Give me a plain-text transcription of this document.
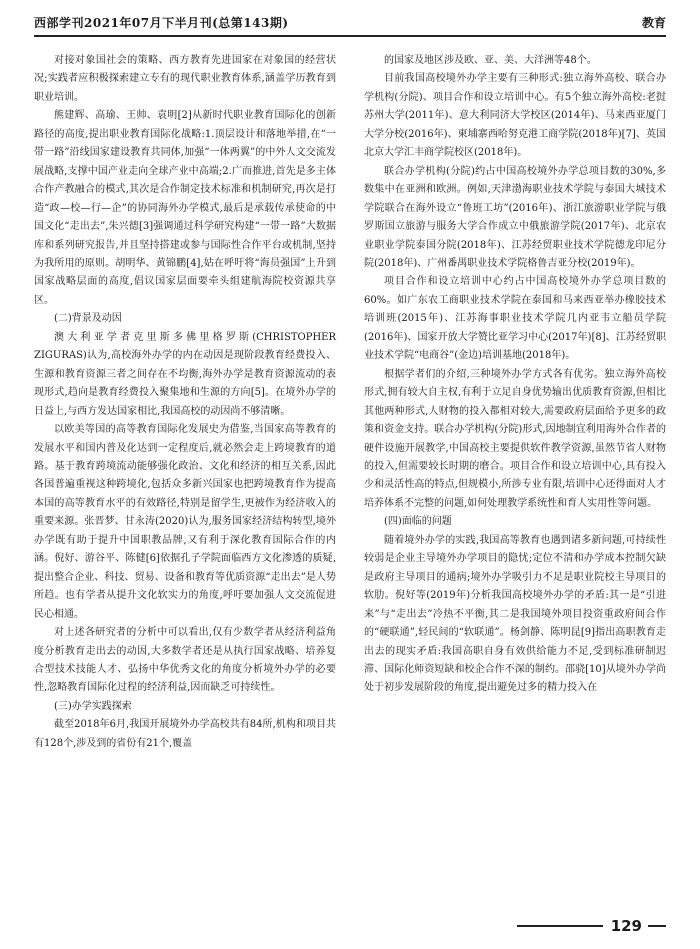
西部学刊2021年07月下半月刊(总第143期)	教育

对接对象国社会的策略、西方教育先进国家在对象国的经营状况;实践者应积极探索建立专有的现代职业教育体系,涵盖学历教育到职业培训。

熊建辉、高瑜、王帅、袁明[2]从新时代职业教育国际化的创新路径的高度,提出职业教育国际化战略:1.顶层设计和落地举措,在“一带一路”沿线国家建设教育共同体,加强“一体两翼”的中外人文交流发展战略,支撑中国产业走向全球产业中高端;2.广而推进,首先是多主体合作产教融合的模式,其次是合作制定技术标准和机制研究,再次是打造“政—校—行—企”的协同海外办学模式,最后是承载传承使命的中国文化“走出去”,朱兴德[3]强调通过科学研究构建“一带一路”大数据库和系列研究报告,并且坚持搭建或参与国际性合作平台或机制,坚持为我所用的原则。胡明华、黄锦鹏[4],姑在呼吁将“海员强国”上升到国家战略层面的高度,倡议国家层面要牵头组建航海院校资源共享区。

(二)背景及动因

澳大利亚学者克里斯多佛里格罗斯(CHRISTOPHER ZIGURAS)认为,高校海外办学的内在动因是现阶段教育经费投入、生源和教育资源三者之间存在不均衡,海外办学是教育资源流动的表现形式,趋向是教育经费投入聚集地和生源的方向[5]。在境外办学的日益上,与西方发达国家相比,我国高校的动因尚不够清晰。

以欧美等国的高等教育国际化发展史为借鉴,当国家高等教育的发展水平和国内普及化达到一定程度后,就必然会走上跨境教育的道路。基于教育跨境流动能够强化政治、文化和经济的相互关系,因此各国普遍重视这种跨境化,包括众多新兴国家也把跨境教育作为提高本国的高等教育水平的有效路径,特别是留学生,更被作为经济收入的重要来源。张晋梦、甘永涛(2020)认为,服务国家经济结构转型,境外办学既有助于提升中国职教品牌,又有利于深化教育国际合作的内涵。倪好、游谷平、陈健[6]依据孔子学院面临西方文化渗透的质疑,提出整合企业、科技、贸易、设备和教育等优质资源“走出去”是人势所趋。也有学者从提升文化软实力的角度,呼吁要加强人文交流促进民心相通。

对上述各研究者的分析中可以看出,仅有少数学者从经济利益角度分析教育走出去的动因,大多数学者还是从执行国家战略、培养复合型技术技能人才、弘扬中华优秀文化的角度分析境外办学的必要性,忽略教育国际化过程的经济利益,因而缺乏可持续性。

(三)办学实践探索

截至2018年6月,我国开展境外办学高校共有84所,机构和项目共有128个,涉及到的省份有21个,覆盖

的国家及地区涉及欧、亚、美、大洋洲等48个。

目前我国高校境外办学主要有三种形式:独立海外高校、联合办学机构(分院)、项目合作和设立培训中心。有5个独立海外高校:老挝苏州大学(2011年)、意大利同济大学校区(2014年)、马来西亚厦门大学分校(2016年)、柬埔寨西哈努克港工商学院(2018年)[7]、英国北京大学汇丰商学院校区(2018年)。

联合办学机构(分院)约占中国高校境外办学总项目数的30%,多数集中在亚洲和欧洲。例如,天津渤海职业技术学院与泰国大城技术学院联合在海外设立“鲁班工坊”(2016年)、浙江旅游职业学院与俄罗斯国立旅游与服务大学合作成立中俄旅游学院(2017年)、北京农业职业学院泰国分院(2018年)、江苏经贸职业技术学院德龙印尼分院(2018年)、广州番禺职业技术学院格鲁吉亚分校(2019年)。

项目合作和设立培训中心约占中国高校境外办学总项目数的60%。如广东农工商职业技术学院在泰国和马来西亚举办橡胶技术培训班(2015年)、江苏海事职业技术学院几内亚韦立船员学院(2016年)、国家开放大学赞比亚学习中心(2017年)[8]、江苏经贸职业技术学院“电商谷”(金边)培训基地(2018年)。

根据学者们的介绍,三种境外办学方式各有优劣。独立海外高校形式,拥有较大自主权,有利于立足自身优势输出优质教育资源,但相比其他两种形式,人财物的投入都相对较大,需要政府层面给予更多的政策和资金支持。联合办学机构(分院)形式,因地制宜利用海外合作者的硬件设施开展教学,中国高校主要提供软件教学资源,虽然节省人财物的投入,但需要较长时期的磨合。项目合作和设立培训中心,具有投入少和灵活性高的特点,但规模小,所涉专业有限,培训中心还得面对人才培养体系不完整的问题,如何处理教学系统性和育人实用性等问题。

(四)面临的问题

随着境外办学的实践,我国高等教育也遇到诸多新问题,可持续性较弱是企业主导境外办学项目的隐忧;定位不清和办学成本控制欠缺是政府主导项目的通病;境外办学吸引力不足是职业院校主导项目的软肋。倪好等(2019年)分析我国高校境外办学的矛盾:其一是“引进来”与“走出去”冷热不平衡,其二是我国境外项目投资重政府间合作的“硬联通”,轻民间的“软联通”。杨剑静、陈明昆[9]指出高职教育走出去的现实矛盾:我国高职自身有效供给能力不足,受到标准研制迟滞、国际化师资短缺和校企合作不深的制约。邵骁[10]从境外办学尚处于初步发展阶段的角度,提出避免过多的精力投入在

129
